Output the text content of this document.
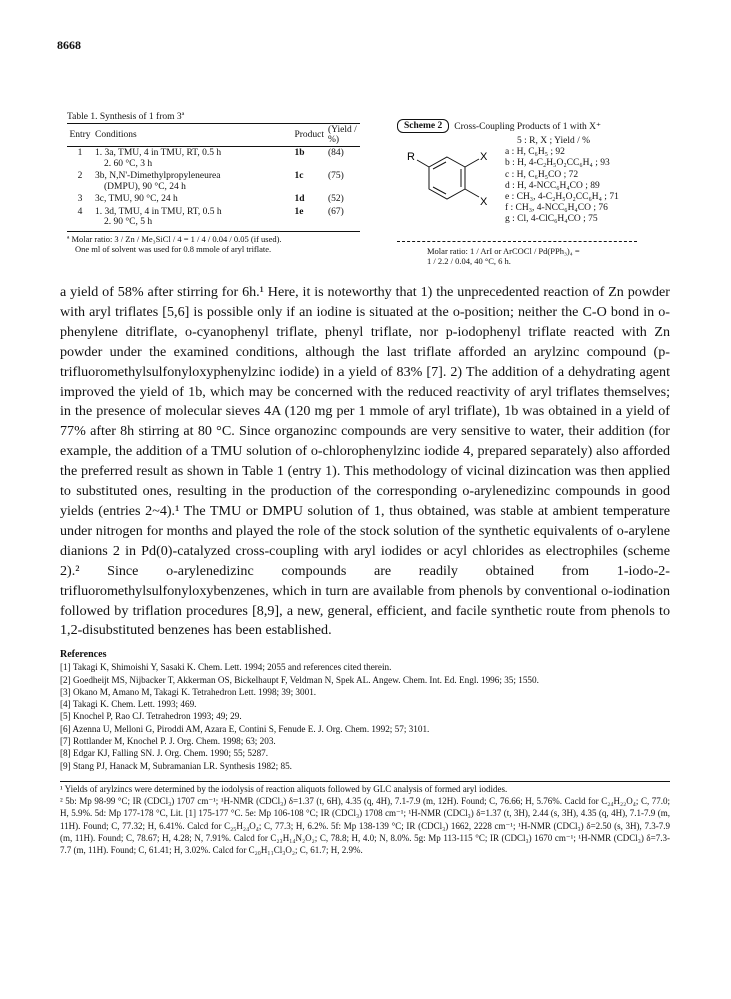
8668
Table 1. Synthesis of 1 from 3ª
Entry	Conditions	Product	(Yield / %)
1	1. 3a, TMU, 4 in TMU, RT, 0.5 h
2. 60 °C, 3 h	1b	(84)
2	3b, N,N'-Dimethylpropyleneurea
(DMPU), 90 °C, 24 h	1c	(75)
3	3c, TMU, 90 °C, 24 h	1d	(52)
4	1. 3d, TMU, 4 in TMU, RT, 0.5 h
2. 90 °C, 5 h	1e	(67)
ª Molar ratio: 3 / Zn / Me₃SiCl / 4 = 1 / 4 / 0.04 / 0.05 (if used).
One ml of solvent was used for 0.8 mmole of aryl triflate.
Scheme 2	Cross-Coupling Products of 1 with X⁺
R	X
X
5 : R, X ; Yield / %
a : H, C₆H₅ ; 92
b : H, 4-C₂H₅O₂CC₆H₄ ; 93
c : H, C₆H₅CO ; 72
d : H, 4-NCC₆H₄CO ; 89
e : CH₃, 4-C₂H₅O₂CC₆H₄ ; 71
f : CH₃, 4-NCC₆H₄CO ; 76
g : Cl, 4-ClC₆H₄CO ; 75
Molar ratio: 1 / ArI or ArCOCl / Pd(PPh₃)₄ =
1 / 2.2 / 0.04, 40 °C, 6 h.
a yield of 58% after stirring for 6h.¹ Here, it is noteworthy that 1) the unprecedented reaction of Zn powder with aryl triflates [5,6] is possible only if an iodine is situated at the o-position; neither the C-O bond in o-phenylene ditriflate, o-cyanophenyl triflate, phenyl triflate, nor p-iodophenyl triflate reacted with Zn powder under the examined conditions, although the last triflate afforded an arylzinc compound (p-trifluoromethylsulfonyloxyphenylzinc iodide) in a yield of 83% [7]. 2) The addition of a dehydrating agent improved the yield of 1b, which may be concerned with the reduced reactivity of aryl triflates themselves; in the presence of molecular sieves 4A (120 mg per 1 mmole of aryl triflate), 1b was obtained in a yield of 77% after 8h stirring at 80 °C. Since organozinc compounds are very sensitive to water, their addition (for example, the addition of a TMU solution of o-chlorophenylzinc iodide 4, prepared separately) also afforded the preferred result as shown in Table 1 (entry 1). This methodology of vicinal dizincation was then applied to substituted ones, resulting in the production of the corresponding o-arylenedizinc compounds in good yields (entries 2~4).¹ The TMU or DMPU solution of 1, thus obtained, was stable at ambient temperature under nitrogen for months and played the role of the stock solution of the synthetic equivalents of o-arylene dianions 2 in Pd(0)-catalyzed cross-coupling with aryl iodides or acyl chlorides as electrophiles (scheme 2).² Since o-arylenedizinc compounds are readily obtained from 1-iodo-2-trifluoromethylsulfonyloxybenzenes, which in turn are available from phenols by conventional o-iodination followed by triflation procedures [8,9], a new, general, efficient, and facile synthetic route from phenols to 1,2-disubstituted benzenes has been established.
References
[1] Takagi K, Shimoishi Y, Sasaki K. Chem. Lett. 1994; 2055 and references cited therein.
[2] Goedheijt MS, Nijbacker T, Akkerman OS, Bickelhaupt F, Veldman N, Spek AL. Angew. Chem. Int. Ed. Engl. 1996; 35; 1550.
[3] Okano M, Amano M, Takagi K. Tetrahedron Lett. 1998; 39; 3001.
[4] Takagi K. Chem. Lett. 1993; 469.
[5] Knochel P, Rao CJ. Tetrahedron 1993; 49; 29.
[6] Azenna U, Melloni G, Piroddi AM, Azara E, Contini S, Fenude E. J. Org. Chem. 1992; 57; 3101.
[7] Rottlander M, Knochel P. J. Org. Chem. 1998; 63; 203.
[8] Edgar KJ, Falling SN. J. Org. Chem. 1990; 55; 5287.
[9] Stang PJ, Hanack M, Subramanian LR. Synthesis 1982; 85.
¹ Yields of arylzincs were determined by the iodolysis of reaction aliquots followed by GLC analysis of formed aryl iodides.
² 5b: Mp 98-99 °C; IR (CDCl₃) 1707 cm⁻¹; ¹H-NMR (CDCl₃) δ=1.37 (t, 6H), 4.35 (q, 4H), 7.1-7.9 (m, 12H). Found; C, 76.66; H, 5.76%. Cacld for C₂₄H₂₂O₄; C, 77.0; H, 5.9%. 5d: Mp 177-178 °C, Lit. [1] 175-177 °C. 5e: Mp 106-108 °C; IR (CDCl₃) 1708 cm⁻¹; ¹H-NMR (CDCl₃) δ=1.37 (t, 3H), 2.44 (s, 3H), 4.35 (q, 4H), 7.1-7.9 (m, 11H). Found; C, 77.32; H, 6.41%. Calcd for C₂₅H₂₄O₄; C, 77.3; H, 6.2%. 5f: Mp 138-139 °C; IR (CDCl₃) 1662, 2228 cm⁻¹; ¹H-NMR (CDCl₃) δ=2.50 (s, 3H), 7.3-7.9 (m, 11H). Found; C, 78.67; H, 4.28; N, 7.91%. Calcd for C₂₃H₁₄N₂O₂; C, 78.8; H, 4.0; N, 8.0%. 5g: Mp 113-115 °C; IR (CDCl₃) 1670 cm⁻¹; ¹H-NMR (CDCl₃) δ=7.3-7.7 (m, 11H). Found; C, 61.41; H, 3.02%. Calcd for C₂₀H₁₁Cl₃O₂; C, 61.7; H, 2.9%.
